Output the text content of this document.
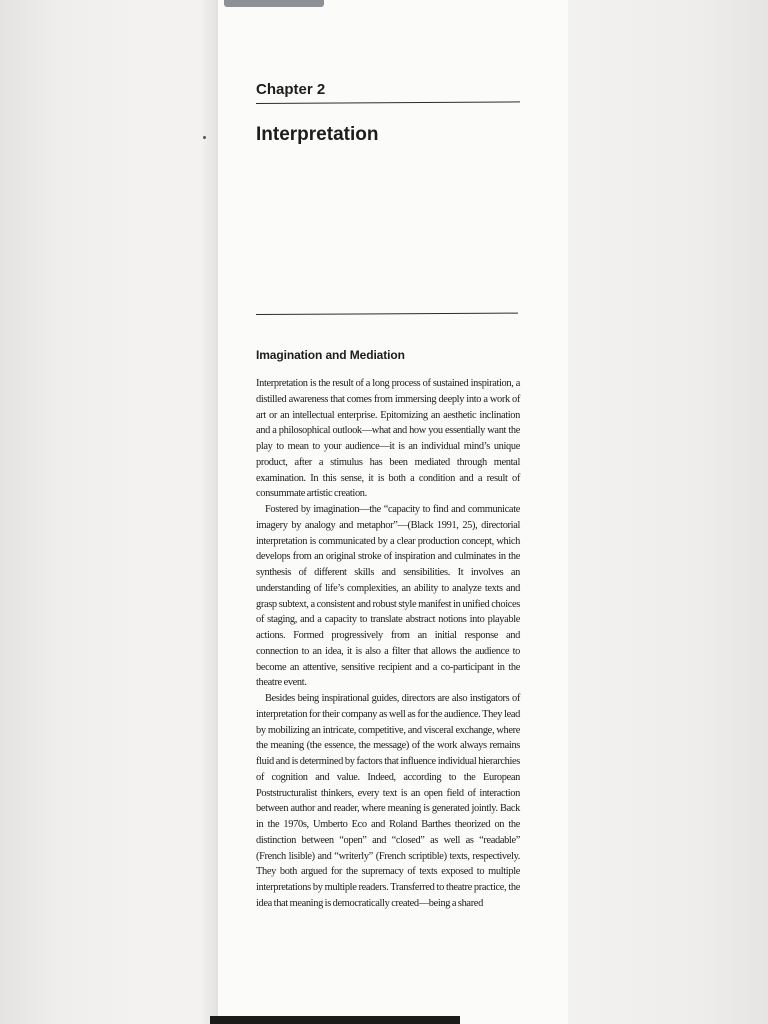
Chapter 2
Interpretation
Imagination and Mediation

Interpretation is the result of a long process of sustained inspiration, a distilled awareness that comes from immersing deeply into a work of art or an intellectual enterprise. Epitomizing an aesthetic inclination and a philosophical outlook—what and how you essentially want the play to mean to your audience—it is an individual mind’s unique product, after a stimulus has been mediated through mental examination. In this sense, it is both a condition and a result of consummate artistic creation.

Fostered by imagination—the “capacity to find and communicate imagery by analogy and metaphor”—(Black 1991, 25), directorial interpretation is communicated by a clear production concept, which develops from an original stroke of inspiration and culminates in the synthesis of different skills and sensibilities. It involves an understanding of life’s complexities, an ability to analyze texts and grasp subtext, a consistent and robust style manifest in unified choices of staging, and a capacity to translate abstract notions into playable actions. Formed progressively from an initial response and connection to an idea, it is also a filter that allows the audience to become an attentive, sensitive recipient and a co-participant in the theatre event.

Besides being inspirational guides, directors are also instigators of interpretation for their company as well as for the audience. They lead by mobilizing an intricate, competitive, and visceral exchange, where the meaning (the essence, the message) of the work always remains fluid and is determined by factors that influence individual hierarchies of cognition and value. Indeed, according to the European Poststructuralist thinkers, every text is an open field of interaction between author and reader, where meaning is generated jointly. Back in the 1970s, Umberto Eco and Roland Barthes theorized on the distinction between “open” and “closed” as well as “readable” (French lisible) and “writerly” (French scriptible) texts, respectively. They both argued for the supremacy of texts exposed to multiple interpretations by multiple readers. Transferred to theatre practice, the idea that meaning is democratically created—being a shared
